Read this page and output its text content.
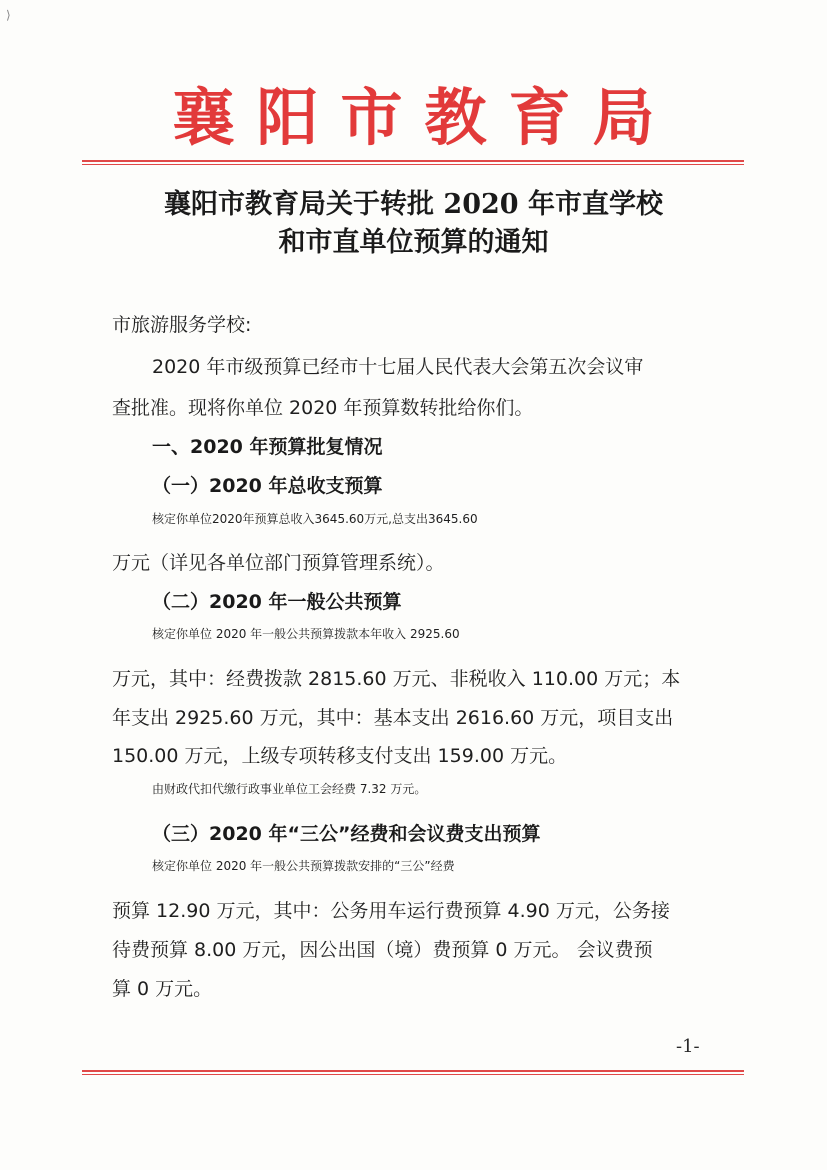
⟩
襄阳市教育局
襄阳市教育局关于转批 2020 年市直学校
和市直单位预算的通知
市旅游服务学校:
2020 年市级预算已经市十七届人民代表大会第五次会议审
查批准。现将你单位 2020 年预算数转批给你们。
一、2020 年预算批复情况
（一）2020 年总收支预算
核定你单位2020年预算总收入3645.60万元,总支出3645.60
万元（详见各单位部门预算管理系统）。
（二）2020 年一般公共预算
核定你单位 2020 年一般公共预算拨款本年收入 2925.60
万元，其中：经费拨款 2815.60 万元、非税收入 110.00 万元；本
年支出 2925.60 万元，其中：基本支出 2616.60 万元，项目支出
150.00 万元，上级专项转移支付支出 159.00 万元。
由财政代扣代缴行政事业单位工会经费 7.32 万元。
（三）2020 年“三公”经费和会议费支出预算
核定你单位 2020 年一般公共预算拨款安排的“三公”经费
预算 12.90 万元，其中：公务用车运行费预算 4.90 万元，公务接
待费预算 8.00 万元，因公出国（境）费预算 0 万元。 会议费预
算 0 万元。
-1-
